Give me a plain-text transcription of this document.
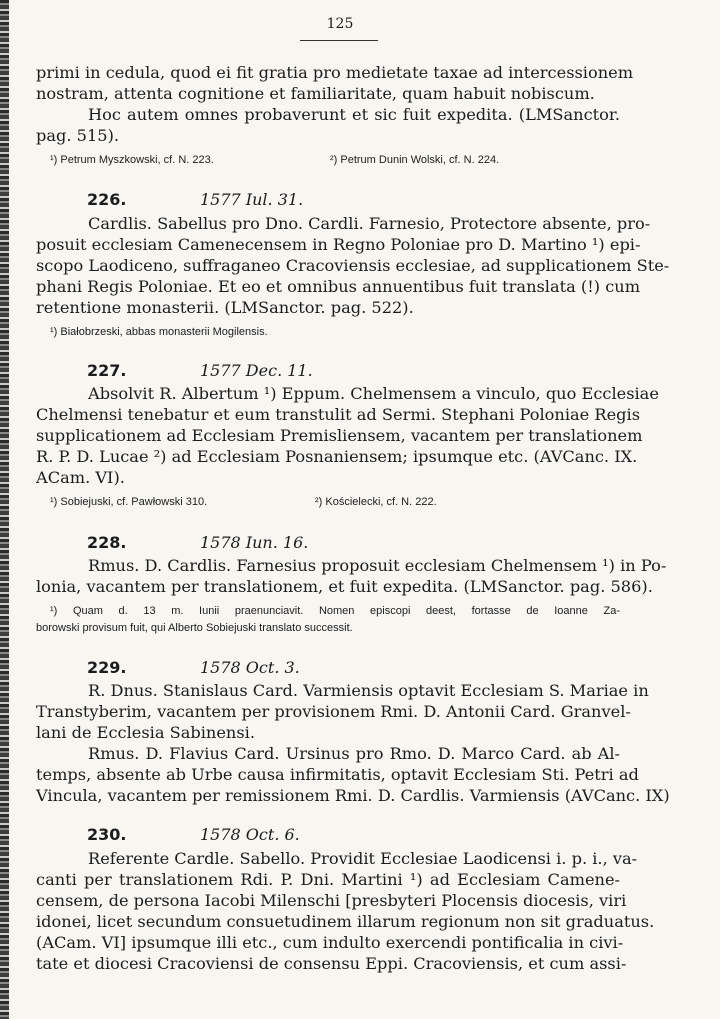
125
primi in cedula, quod ei fit gratia pro medietate taxae ad intercessionem
nostram, attenta cognitione et familiaritate, quam habuit nobiscum.
Hoc autem omnes probaverunt et sic fuit expedita. (LMSanctor.
pag. 515).
¹) Petrum Myszkowski, cf. N. 223.	²) Petrum Dunin Wolski, cf. N. 224.
226.	1577 Iul. 31.
Cardlis. Sabellus pro Dno. Cardli. Farnesio, Protectore absente, pro-
posuit ecclesiam Camenecensem in Regno Poloniae pro D. Martino ¹) epi-
scopo Laodiceno, suffraganeo Cracoviensis ecclesiae, ad supplicationem Ste-
phani Regis Poloniae. Et eo et omnibus annuentibus fuit translata (!) cum
retentione monasterii. (LMSanctor. pag. 522).
¹) Białobrzeski, abbas monasterii Mogilensis.
227.	1577 Dec. 11.
Absolvit R. Albertum ¹) Eppum. Chelmensem a vinculo, quo Ecclesiae
Chelmensi tenebatur et eum transtulit ad Sermi. Stephani Poloniae Regis
supplicationem ad Ecclesiam Premisliensem, vacantem per translationem
R. P. D. Lucae ²) ad Ecclesiam Posnaniensem; ipsumque etc. (AVCanc. IX.
ACam. VI).
¹) Sobiejuski, cf. Pawłowski 310.	²) Kościelecki, cf. N. 222.
228.	1578 Iun. 16.
Rmus. D. Cardlis. Farnesius proposuit ecclesiam Chelmensem ¹) in Po-
lonia, vacantem per translationem, et fuit expedita. (LMSanctor. pag. 586).
¹) Quam d. 13 m. Iunii praenunciavit. Nomen episcopi deest, fortasse de Ioanne Za-
borowski provisum fuit, qui Alberto Sobiejuski translato successit.
229.	1578 Oct. 3.
R. Dnus. Stanislaus Card. Varmiensis optavit Ecclesiam S. Mariae in
Transtyberim, vacantem per provisionem Rmi. D. Antonii Card. Granvel-
lani de Ecclesia Sabinensi.
Rmus. D. Flavius Card. Ursinus pro Rmo. D. Marco Card. ab Al-
temps, absente ab Urbe causa infirmitatis, optavit Ecclesiam Sti. Petri ad
Vincula, vacantem per remissionem Rmi. D. Cardlis. Varmiensis (AVCanc. IX)
230.	1578 Oct. 6.
Referente Cardle. Sabello. Providit Ecclesiae Laodicensi i. p. i., va-
canti per translationem Rdi. P. Dni. Martini ¹) ad Ecclesiam Camene-
censem, de persona Iacobi Milenschi [presbyteri Plocensis diocesis, viri
idonei, licet secundum consuetudinem illarum regionum non sit graduatus.
(ACam. VI] ipsumque illi etc., cum indulto exercendi pontificalia in civi-
tate et diocesi Cracoviensi de consensu Eppi. Cracoviensis, et cum assi-
